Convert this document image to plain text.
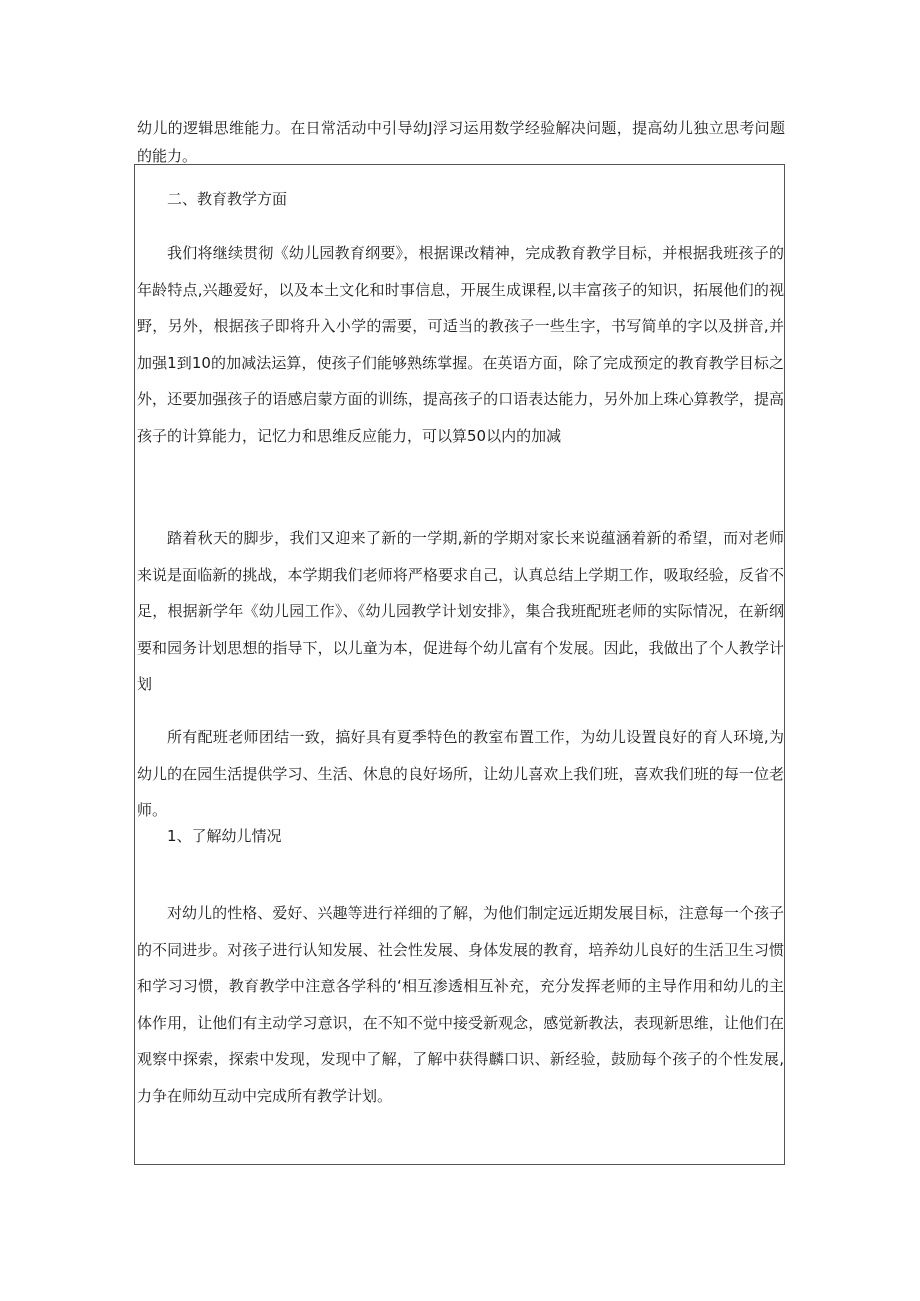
幼儿的逻辑思维能力。在日常活动中引导幼J浮习运用数学经验解决问题，提高幼儿独立思考问题的能力。

二、教育教学方面

我们将继续贯彻《幼儿园教育纲要》，根据课改精神，完成教育教学目标，并根据我班孩子的年龄特点,兴趣爱好，以及本土文化和时事信息，开展生成课程,以丰富孩子的知识，拓展他们的视野，另外，根据孩子即将升入小学的需要，可适当的教孩子一些生字，书写简单的字以及拼音,并加强1到10的加减法运算，使孩子们能够熟练掌握。在英语方面，除了完成预定的教育教学目标之外，还要加强孩子的语感启蒙方面的训练，提高孩子的口语表达能力，另外加上珠心算教学，提高孩子的计算能力，记忆力和思维反应能力，可以算50以内的加减

踏着秋天的脚步，我们又迎来了新的一学期,新的学期对家长来说蕴涵着新的希望，而对老师来说是面临新的挑战，本学期我们老师将严格要求自己，认真总结上学期工作，吸取经验，反省不足，根据新学年《幼儿园工作》、《幼儿园教学计划安排》，集合我班配班老师的实际情况，在新纲要和园务计划思想的指导下，以儿童为本，促进每个幼儿富有个发展。因此，我做出了个人教学计划

所有配班老师团结一致，搞好具有夏季特色的教室布置工作，为幼儿设置良好的育人环境,为幼儿的在园生活提供学习、生活、休息的良好场所，让幼儿喜欢上我们班，喜欢我们班的每一位老师。

1、了解幼儿情况

对幼儿的性格、爱好、兴趣等进行祥细的了解，为他们制定远近期发展目标，注意每一个孩子的不同进步。对孩子进行认知发展、社会性发展、身体发展的教育，培养幼儿良好的生活卫生习惯和学习习惯，教育教学中注意各学科的‘相互渗透相互补充，充分发挥老师的主导作用和幼儿的主体作用，让他们有主动学习意识，在不知不觉中接受新观念，感觉新教法，表现新思维，让他们在观察中探索，探索中发现，发现中了解，了解中获得麟口识、新经验，鼓励每个孩子的个性发展,力争在师幼互动中完成所有教学计划。
